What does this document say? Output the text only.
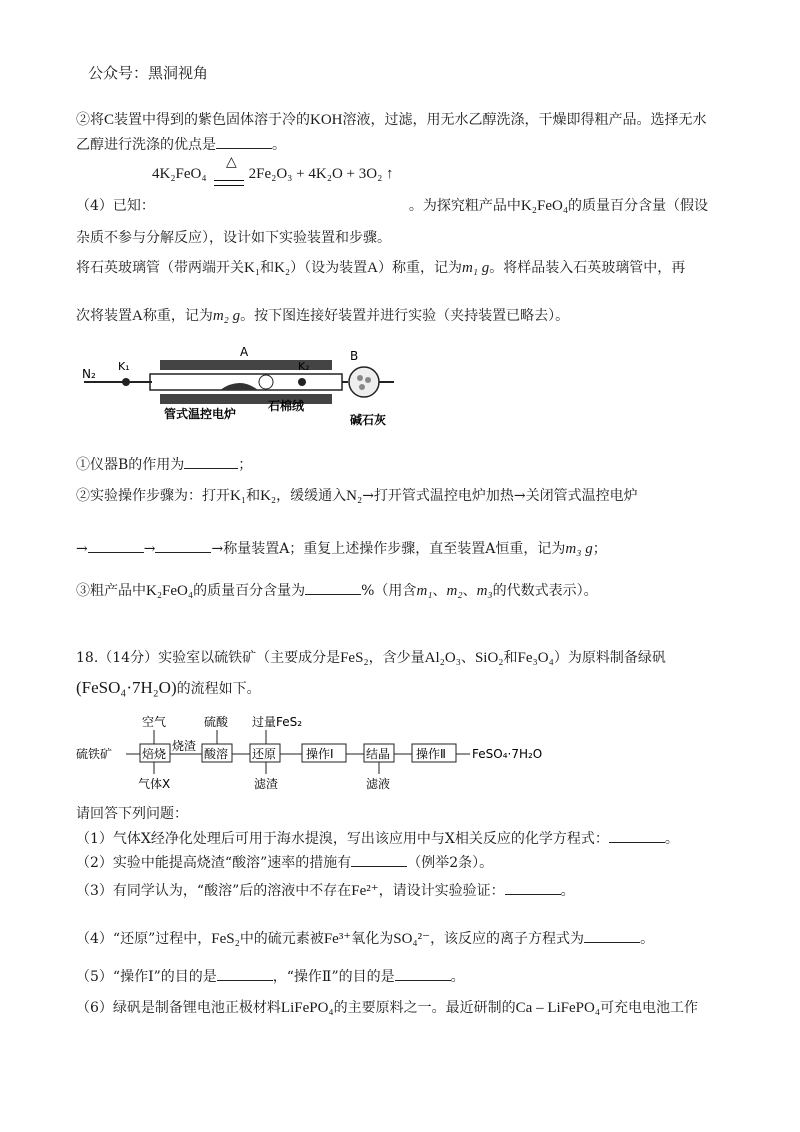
公众号：黑洞视角
②将C装置中得到的紫色固体溶于冷的KOH溶液，过滤，用无水乙醇洗涤，干燥即得粗产品。选择无水
乙醇进行洗涤的优点是	。
△
4K₂FeO₄	2Fe₂O₃ + 4K₂O + 3O₂ ↑
（4）已知：	。为探究粗产品中K₂FeO₄的质量百分含量（假设
杂质不参与分解反应），设计如下实验装置和步骤。
将石英玻璃管（带两端开关K₁和K₂）（设为装置A）称重，记为m₁ g。将样品装入石英玻璃管中，再
次将装置A称重，记为m₂ g。按下图连接好装置并进行实验（夹持装置已略去）。
N₂
K₁
A
K₂
B
管式温控电炉
石棉绒
碱石灰
①仪器B的作用为	；
②实验操作步骤为：打开K₁和K₂，缓缓通入N₂→打开管式温控电炉加热→关闭管式温控电炉
→	→	→称量装置A；重复上述操作步骤，直至装置A恒重，记为m₃ g；
③粗产品中K₂FeO₄的质量百分含量为	%（用含m₁、m₂、m₃的代数式表示）。
18.（14分）实验室以硫铁矿（主要成分是FeS₂，含少量Al₂O₃、SiO₂和Fe₃O₄）为原料制备绿矾
(FeSO₄·7H₂O)的流程如下。
空气	硫酸 过量FeS₂
硫铁矿 焙烧
烧渣
酸溶 还原 操作Ⅰ	结晶 操作Ⅱ FeSO₄·7H₂O
气体X	滤渣	滤液
请回答下列问题：
（1）气体X经净化处理后可用于海水提溴，写出该应用中与X相关反应的化学方程式：	。
（2）实验中能提高烧渣“酸溶”速率的措施有	（例举2条）。
（3）有同学认为，“酸溶”后的溶液中不存在Fe²⁺，请设计实验验证：	。
（4）“还原”过程中，FeS₂中的硫元素被Fe³⁺氧化为SO₄²⁻，该反应的离子方程式为	。
（5）“操作Ⅰ”的目的是	，“操作Ⅱ”的目的是	。
（6）绿矾是制备锂电池正极材料LiFePO₄的主要原料之一。最近研制的Ca – LiFePO₄可充电电池工作
